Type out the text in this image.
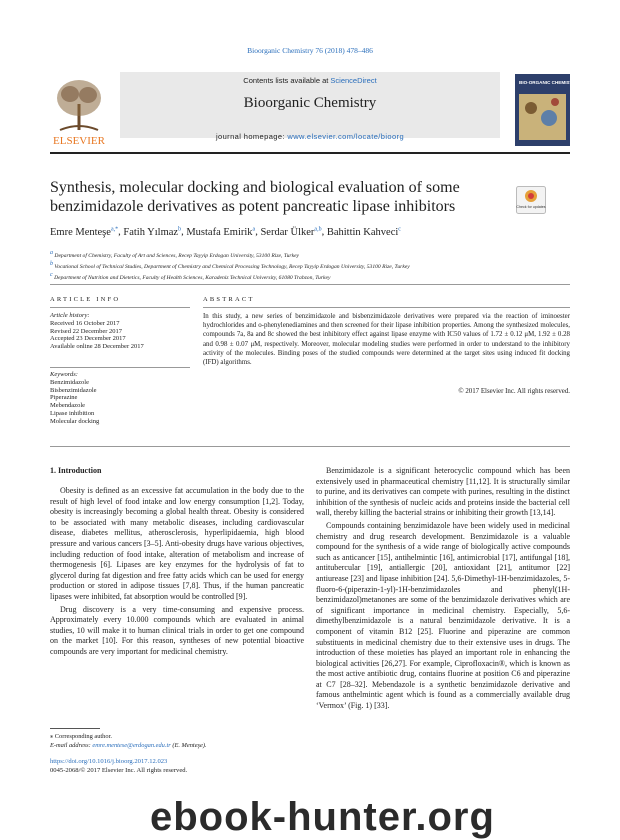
Bioorganic Chemistry 76 (2018) 478–486
ELSEVIER
Contents lists available at ScienceDirect
Bioorganic Chemistry
journal homepage: www.elsevier.com/locate/bioorg
BIO-ORGANIC CHEMISTRY
Synthesis, molecular docking and biological evaluation of some benzimidazole derivatives as potent pancreatic lipase inhibitors	Check for updates
Emre Menteşe$^{a,*}$, Fatih Yılmaz$^b$, Mustafa Emirik$^a$, Serdar Ülker$^{a,b}$, Bahittin Kahveci$^c$
a Department of Chemistry, Faculty of Art and Sciences, Recep Tayyip Erdogan University, 53100 Rize, Turkey
b Vocational School of Technical Studies, Department of Chemistry and Chemical Processing Technology, Recep Tayyip Erdogan University, 53100 Rize, Turkey
c Department of Nutrition and Dietetics, Faculty of Health Sciences, Karadeniz Technical University, 61080 Trabzon, Turkey
ARTICLE INFO	ABSTRACT
Article history:
Received 16 October 2017
Revised 22 December 2017
Accepted 23 December 2017
Available online 28 December 2017
Keywords:
Benzimidazole
Bisbenzimidazole
Piperazine
Mebendazole
Lipase inhibition
Molecular docking
In this study, a new series of benzimidazole and bisbenzimidazole derivatives were prepared via the reaction of iminoester hydrochlorides and o-phenylenediamines and then screened for their lipase inhibition properties. Among the synthesized molecules, compounds 7a, 8a and 8c showed the best inhibitory effect against lipase enzyme with IC50 values of 1.72 ± 0.12 μM, 1.92 ± 0.28 and 0.98 ± 0.07 μM, respectively. Moreover, molecular modeling studies were performed in order to understand to the inhibitory activity of the molecules. Binding poses of the studied compounds were determined at the target sites using induced fit docking (IFD) algorithms.
© 2017 Elsevier Inc. All rights reserved.
1. Introduction

Obesity is defined as an excessive fat accumulation in the body due to the result of high level of food intake and low energy consumption [1,2]. Today, obesity is increasingly becoming a global health threat. Obesity is considered to be associated with many metabolic diseases, including cardiovascular disease, diabetes mellitus, atherosclerosis, hyperlipidaemia, high blood pressure and various cancers [3–5]. Anti-obesity drugs have various objectives, including reduction of food intake, alteration of metabolism and increase of thermogenesis [6]. Lipases are key enzymes for the hydrolysis of fat to glycerol during fat digestion and free fatty acids which can be used for energy production or stored in adipose tissues [7,8]. Thus, if the human pancreatic lipases were inhibited, fat absorption would be controlled [9].

Drug discovery is a very time-consuming and expensive process. Approximately every 10.000 compounds which are evaluated in animal studies, 10 will make it to human clinical trials in order to get one compound on the market [10]. For this reason, syntheses of new potential bioactive compounds are very important for medicinal chemistry.

Benzimidazole is a significant heterocyclic compound which has been extensively used in pharmaceutical chemistry [11,12]. It is structurally similar to purine, and its derivatives can compete with purines, resulting in the distinct inhibition of the synthesis of nucleic acids and proteins inside the bacterial cell wall, thereby killing the bacterial strains or inhibiting their growth [13,14].

Compounds containing benzimidazole have been widely used in medicinal chemistry and drug research development. Benzimidazole is a valuable compound for the synthesis of a wide range of biologically active compounds such as anticancer [15], antihelmintic [16], antimicrobial [17], antifungal [18], antitubercular [19], antiallergic [20], antioxidant [21], antitumor [22] antiurease [23] and lipase inhibition [24]. 5,6-Dimethyl-1H-benzimidazoles, 5-fluoro-6-(piperazin-1-yl)-1H-benzimidazoles and phenyl(1H-benzimidazol)metanones are some of the benzimidazole derivatives which are of significant importance in medicinal chemistry. Especially, 5,6-dimethylbenzimidazole is a natural benzimidazole derivative. It is a component of vitamin B12 [25]. Fluorine and piperazine are common substituents in medicinal chemistry due to their extensive uses in drugs. The introduction of these moieties has played an important role in enhancing the biological activities [26,27]. For example, Ciprofloxacin®, which is known as the most active antibiotic drug, contains fluorine at position C6 and piperazine at C7 [28–32]. Mebendazole is a synthetic benzimidazole derivative and famous anthelmintic agent which is found as a commercially available drug ‘Vermox’ (Fig. 1) [33].

⁎ Corresponding author.
E-mail address: emre.mentese@erdogan.edu.tr (E. Menteşe).
https://doi.org/10.1016/j.bioorg.2017.12.023
0045-2068/© 2017 Elsevier Inc. All rights reserved.
ebook-hunter.org
